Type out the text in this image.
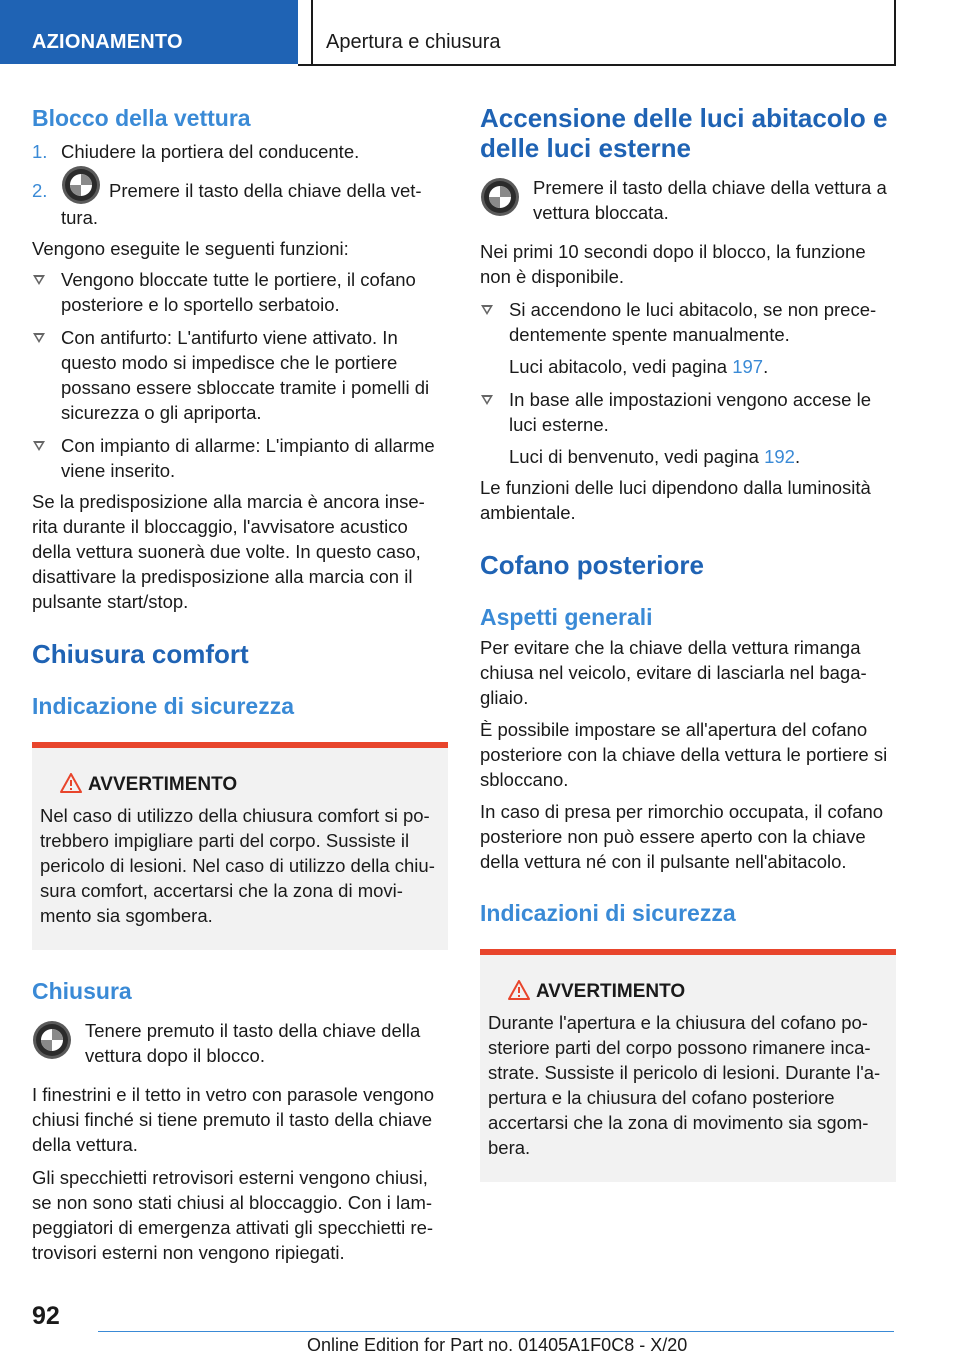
AZIONAMENTO	Apertura e chiusura
Blocco della vettura
1. Chiudere la portiera del conducente.
2.	Premere il tasto della chiave della vet-tura.

Vengono eseguite le seguenti funzioni:

Vengono bloccate tutte le portiere, il cofano posteriore e lo sportello serbatoio.
Con antifurto: L'antifurto viene attivato. In questo modo si impedisce che le portiere possano essere sbloccate tramite i pomelli di sicurezza o gli apriporta.
Con impianto di allarme: L'impianto di allarme viene inserito.

Se la predisposizione alla marcia è ancora inse-rita durante il bloccaggio, l'avvisatore acustico della vettura suonerà due volte. In questo caso, disattivare la predisposizione alla marcia con il pulsante start/stop.

Chiusura comfort
Indicazione di sicurezza
AVVERTIMENTO
Nel caso di utilizzo della chiusura comfort si po-trebbero impigliare parti del corpo. Sussiste il pericolo di lesioni. Nel caso di utilizzo della chiu-sura comfort, accertarsi che la zona di movi-mento sia sgombera.
Chiusura
Tenere premuto il tasto della chiave della vettura dopo il blocco.

I finestrini e il tetto in vetro con parasole vengono chiusi finché si tiene premuto il tasto della chiave della vettura.

Gli specchietti retrovisori esterni vengono chiusi, se non sono stati chiusi al bloccaggio. Con i lam-peggiatori di emergenza attivati gli specchietti re-trovisori esterni non vengono ripiegati.

Accensione delle luci abitacolo e delle luci esterne
Premere il tasto della chiave della vettura a vettura bloccata.

Nei primi 10 secondi dopo il blocco, la funzione non è disponibile.

Si accendono le luci abitacolo, se non prece-dentemente spente manualmente.
Luci abitacolo, vedi pagina 197.
In base alle impostazioni vengono accese le luci esterne.
Luci di benvenuto, vedi pagina 192.

Le funzioni delle luci dipendono dalla luminosità ambientale.

Cofano posteriore
Aspetti generali

Per evitare che la chiave della vettura rimanga chiusa nel veicolo, evitare di lasciarla nel baga-gliaio.

È possibile impostare se all'apertura del cofano posteriore con la chiave della vettura le portiere si sbloccano.

In caso di presa per rimorchio occupata, il cofano posteriore non può essere aperto con la chiave della vettura né con il pulsante nell'abitacolo.

Indicazioni di sicurezza
AVVERTIMENTO
Durante l'apertura e la chiusura del cofano po-steriore parti del corpo possono rimanere inca-strate. Sussiste il pericolo di lesioni. Durante l'a-pertura e la chiusura del cofano posteriore accertarsi che la zona di movimento sia sgom-bera.
92
Online Edition for Part no. 01405A1F0C8 - X/20
